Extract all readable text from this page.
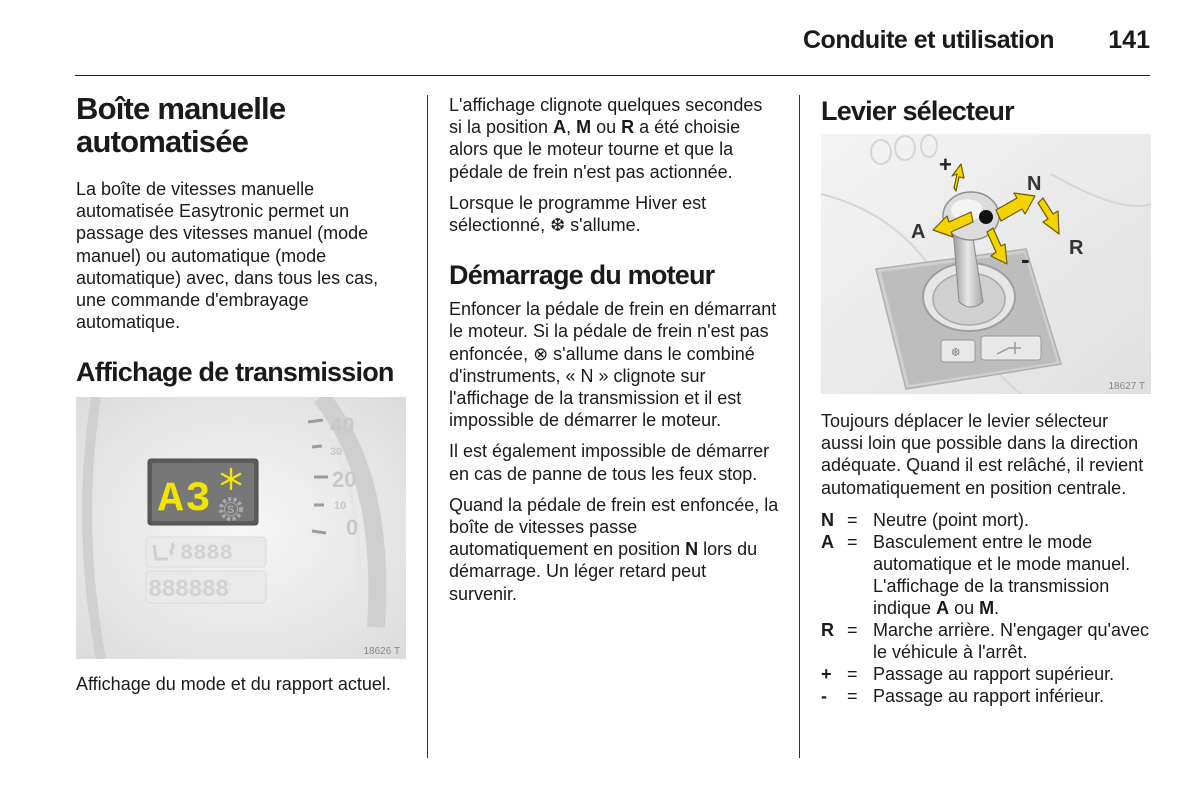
Conduite et utilisation 141
Boîte manuelle automatisée

La boîte de vitesses manuelle automatisée Easytronic permet un passage des vitesses manuel (mode manuel) ou automatique (mode automatique) avec, dans tous les cas, une commande d'embrayage automatique.

Affichage de transmission
40
30
20
10
0
A3 S
8888
888888
18626 T

Affichage du mode et du rapport actuel.

L'affichage clignote quelques secondes si la position A, M ou R a été choisie alors que le moteur tourne et que la pédale de frein n'est pas actionnée.

Lorsque le programme Hiver est sélectionné, ❆ s'allume.

Démarrage du moteur

Enfoncer la pédale de frein en démarrant le moteur. Si la pédale de frein n'est pas enfoncée, ⊗ s'allume dans le combiné d'instruments, « N » clignote sur l'affichage de la transmission et il est impossible de démarrer le moteur.

Il est également impossible de démarrer en cas de panne de tous les feux stop.

Quand la pédale de frein est enfoncée, la boîte de vitesses passe automatiquement en position N lors du démarrage. Un léger retard peut survenir.

Levier sélecteur
❆
+
-
N
A
R
18627 T

Toujours déplacer le levier sélecteur aussi loin que possible dans la direction adéquate. Quand il est relâché, il revient automatiquement en position centrale.

N	=	Neutre (point mort).
A	=	Basculement entre le mode automatique et le mode manuel. L'affichage de la transmission indique A ou M.
R	=	Marche arrière. N'engager qu'avec le véhicule à l'arrêt.
+	=	Passage au rapport supérieur.
-	=	Passage au rapport inférieur.
